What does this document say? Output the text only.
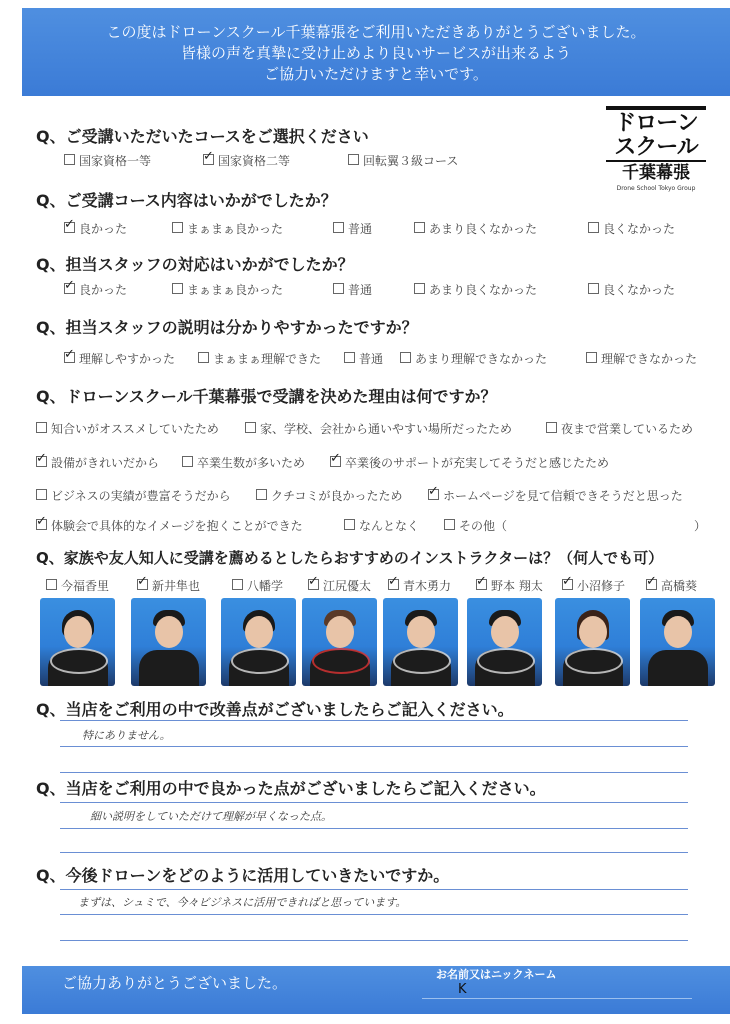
この度はドローンスクール千葉幕張をご利用いただきありがとうございました。
皆様の声を真摯に受け止めより良いサービスが出来るよう
ご協力いただけますと幸いです。
ドローン
スクール
千葉幕張
Drone School Tokyo Group
Q、ご受講いただいたコースをご選択ください
国家資格一等 ✓	国家資格二等	回転翼３級コース
Q、ご受講コース内容はいかがでしたか？
✓良かった	まぁまぁ良かった	普通	あまり良くなかった	良くなかった
Q、担当スタッフの対応はいかがでしたか？
✓良かった	まぁまぁ良かった	普通	あまり良くなかった	良くなかった
Q、担当スタッフの説明は分かりやすかったですか？
✓理解しやすかった	まぁまぁ理解できた	普通	あまり理解できなかった	理解できなかった
Q、ドローンスクール千葉幕張で受講を決めた理由は何ですか？
知合いがオススメしていたため	家、学校、会社から通いやすい場所だったため	夜まで営業しているため
✓設備がきれいだから	卒業生数が多いため ✓	卒業後のサポートが充実してそうだと感じたため
ビジネスの実績が豊富そうだから	クチコミが良かったため ✓	ホームページを見て信頼できそうだと思った
✓体験会で具体的なイメージを抱くことができた	なんとなく	その他（	）
Q、家族や友人知人に受講を薦めるとしたらおすすめのインストラクターは？（何人でも可）
今福香里 ✓	新井隼也	八幡学 ✓	江尻優太 ✓	青木勇力 ✓	野本 翔太 ✓	小沼修子 ✓	高橋葵
Q、当店をご利用の中で改善点がございましたらご記入ください。
特にありません。
Q、当店をご利用の中で良かった点がございましたらご記入ください。
細い説明をしていただけて理解が早くなった点。
Q、今後ドローンをどのように活用していきたいですか。
まずは、シュミで、今々ビジネスに活用できればと思っています。
ご協力ありがとうございました。	お名前又はニックネーム
K
